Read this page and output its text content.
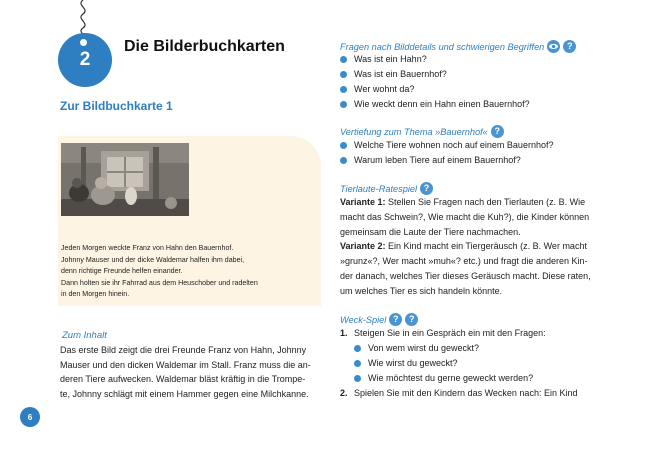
2
Die Bilderbuchkarten
Zur Bildbuchkarte 1
Jeden Morgen weckte Franz von Hahn den Bauernhof.
Johnny Mauser und der dicke Waldemar halfen ihm dabei,
denn richtige Freunde helfen einander.
Dann holten sie ihr Fahrrad aus dem Heuschober und radelten
in den Morgen hinein.
Zum Inhalt
Das erste Bild zeigt die drei Freunde Franz von Hahn, Johnny
Mauser und den dicken Waldemar im Stall. Franz muss die an-
deren Tiere aufwecken. Waldemar bläst kräftig in die Trompe-
te, Johnny schlägt mit einem Hammer gegen eine Milchkanne.
6
Fragen nach Bilddetails und schwierigen Begriffen
?
Was ist ein Hahn?
Was ist ein Bauernhof?
Wer wohnt da?
Wie weckt denn ein Hahn einen Bauernhof?
Vertiefung zum Thema »Bauernhof«
?
Welche Tiere wohnen noch auf einem Bauernhof?
Warum leben Tiere auf einem Bauernhof?
Tierlaute-Ratespiel
?
Variante 1: Stellen Sie Fragen nach den Tierlauten (z. B. Wie
macht das Schwein?, Wie macht die Kuh?), die Kinder können
gemeinsam die Laute der Tiere nachmachen.
Variante 2: Ein Kind macht ein Tiergeräusch (z. B. Wer macht
»grunz«?, Wer macht »muh«? etc.) und fragt die anderen Kin-
der danach, welches Tier dieses Geräusch macht. Diese raten,
um welches Tier es sich handeln könnte.
Weck-Spiel
?
?
1. Steigen Sie in ein Gespräch ein mit den Fragen:
Von wem wirst du geweckt?
Wie wirst du geweckt?
Wie möchtest du gerne geweckt werden?
2. Spielen Sie mit den Kindern das Wecken nach: Ein Kind
